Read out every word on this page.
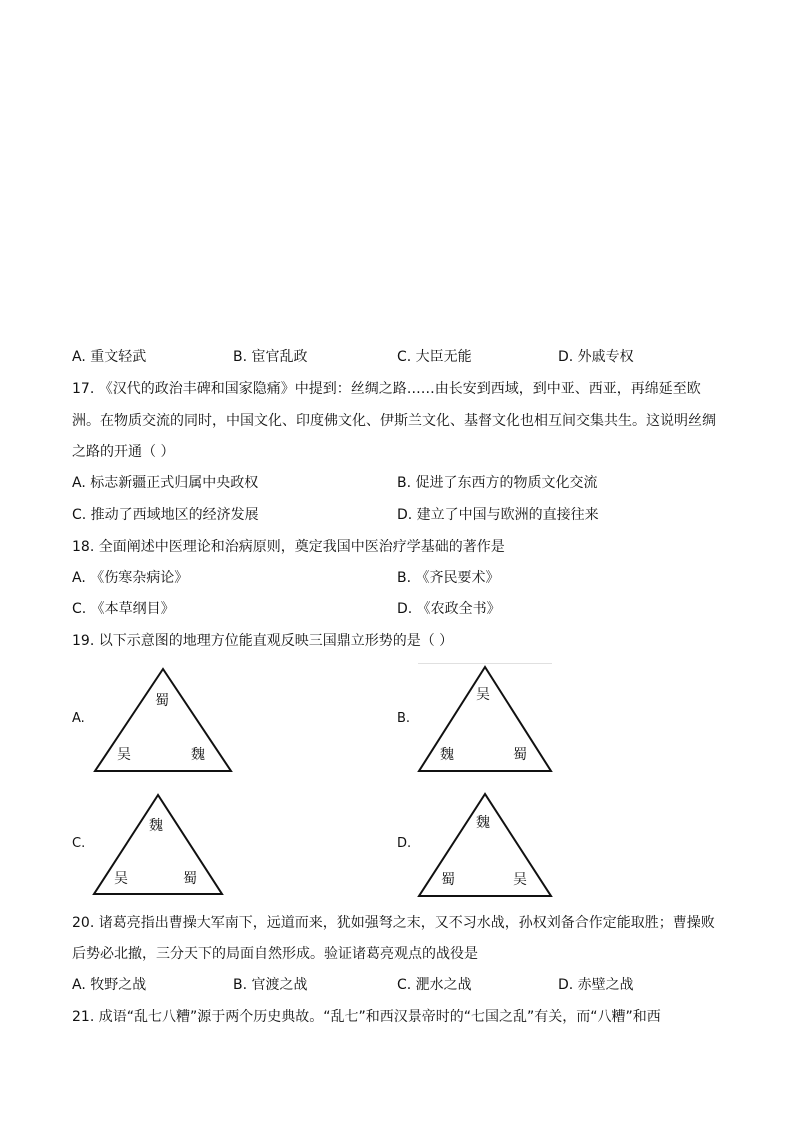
A. 重文轻武	B. 宦官乱政	C. 大臣无能	D. 外戚专权
17. 《汉代的政治丰碑和国家隐痛》中提到：丝绸之路……由长安到西域，到中亚、西亚，再绵延至欧
洲。在物质交流的同时，中国文化、印度佛文化、伊斯兰文化、基督文化也相互间交集共生。这说明丝绸
之路的开通（ ）
A. 标志新疆正式归属中央政权	B. 促进了东西方的物质文化交流
C. 推动了西域地区的经济发展	D. 建立了中国与欧洲的直接往来
18. 全面阐述中医理论和治病原则，奠定我国中医治疗学基础的著作是
A. 《伤寒杂病论》	B. 《齐民要术》
C. 《本草纲目》	D. 《农政全书》
19. 以下示意图的地理方位能直观反映三国鼎立形势的是（ ）
A.
蜀
吴	魏
B.
吴
魏	蜀
C.
魏
吴	蜀
D.
魏
蜀	吴
20. 诸葛亮指出曹操大军南下，远道而来，犹如强弩之末，又不习水战，孙权刘备合作定能取胜；曹操败
后势必北撤，三分天下的局面自然形成。验证诸葛亮观点的战役是
A. 牧野之战	B. 官渡之战	C. 淝水之战	D. 赤壁之战
21. 成语“乱七八糟”源于两个历史典故。“乱七”和西汉景帝时的“七国之乱”有关，而“八糟”和西
